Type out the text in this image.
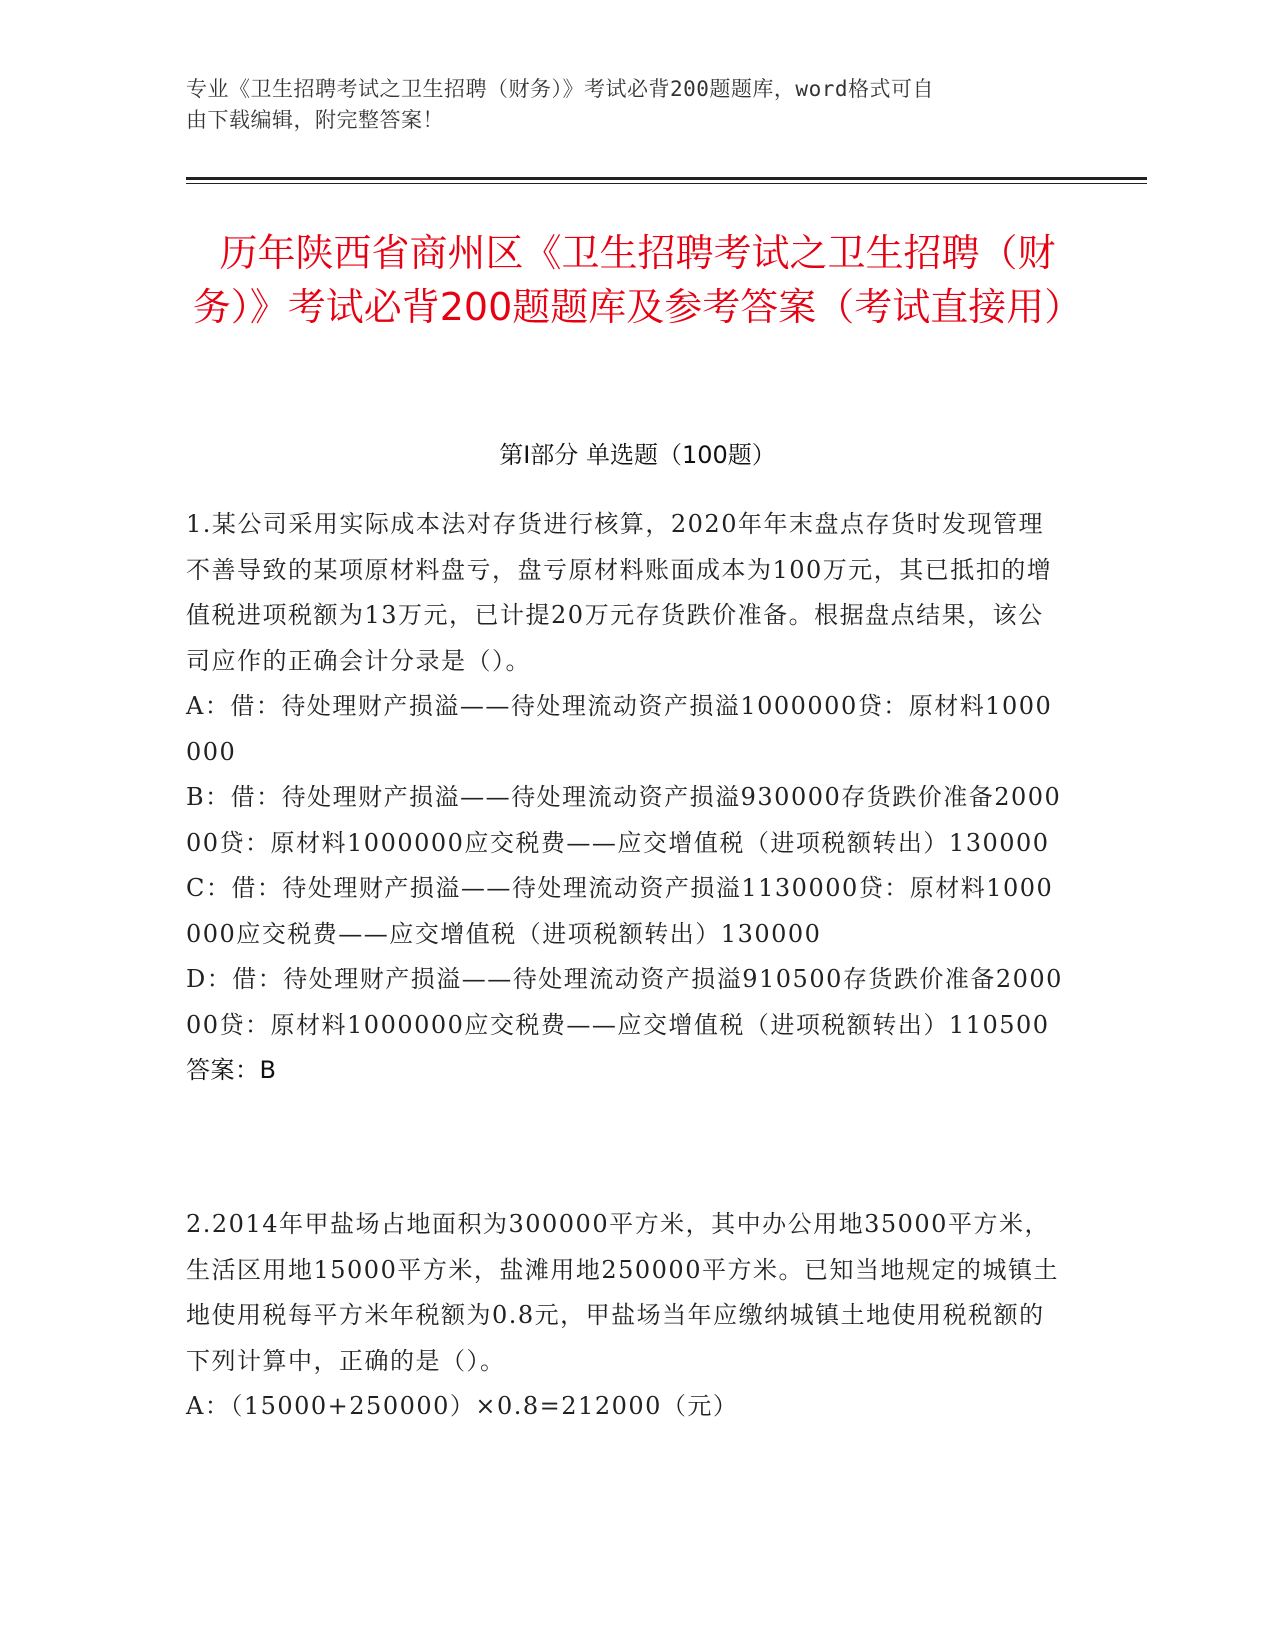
专业《卫生招聘考试之卫生招聘（财务）》考试必背200题题库，word格式可自
由下载编辑，附完整答案！
历年陕西省商州区《卫生招聘考试之卫生招聘（财务）》考试必背200题题库及参考答案（考试直接用）
第I部分 单选题（100题）

1.某公司采用实际成本法对存货进行核算，2020年年末盘点存货时发现管理不善导致的某项原材料盘亏，盘亏原材料账面成本为100万元，其已抵扣的增值税进项税额为13万元，已计提20万元存货跌价准备。根据盘点结果，该公司应作的正确会计分录是（）。

A：借：待处理财产损溢——待处理流动资产损溢1000000贷：原材料1000000

B：借：待处理财产损溢——待处理流动资产损溢930000存货跌价准备200000贷：原材料1000000应交税费——应交增值税（进项税额转出）130000

C：借：待处理财产损溢——待处理流动资产损溢1130000贷：原材料1000000应交税费——应交增值税（进项税额转出）130000

D：借：待处理财产损溢——待处理流动资产损溢910500存货跌价准备200000贷：原材料1000000应交税费——应交增值税（进项税额转出）110500

答案：B

2.2014年甲盐场占地面积为300000平方米，其中办公用地35000平方米，生活区用地15000平方米，盐滩用地250000平方米。已知当地规定的城镇土地使用税每平方米年税额为0.8元，甲盐场当年应缴纳城镇土地使用税税额的下列计算中，正确的是（）。

A：（15000+250000）×0.8=212000（元）
